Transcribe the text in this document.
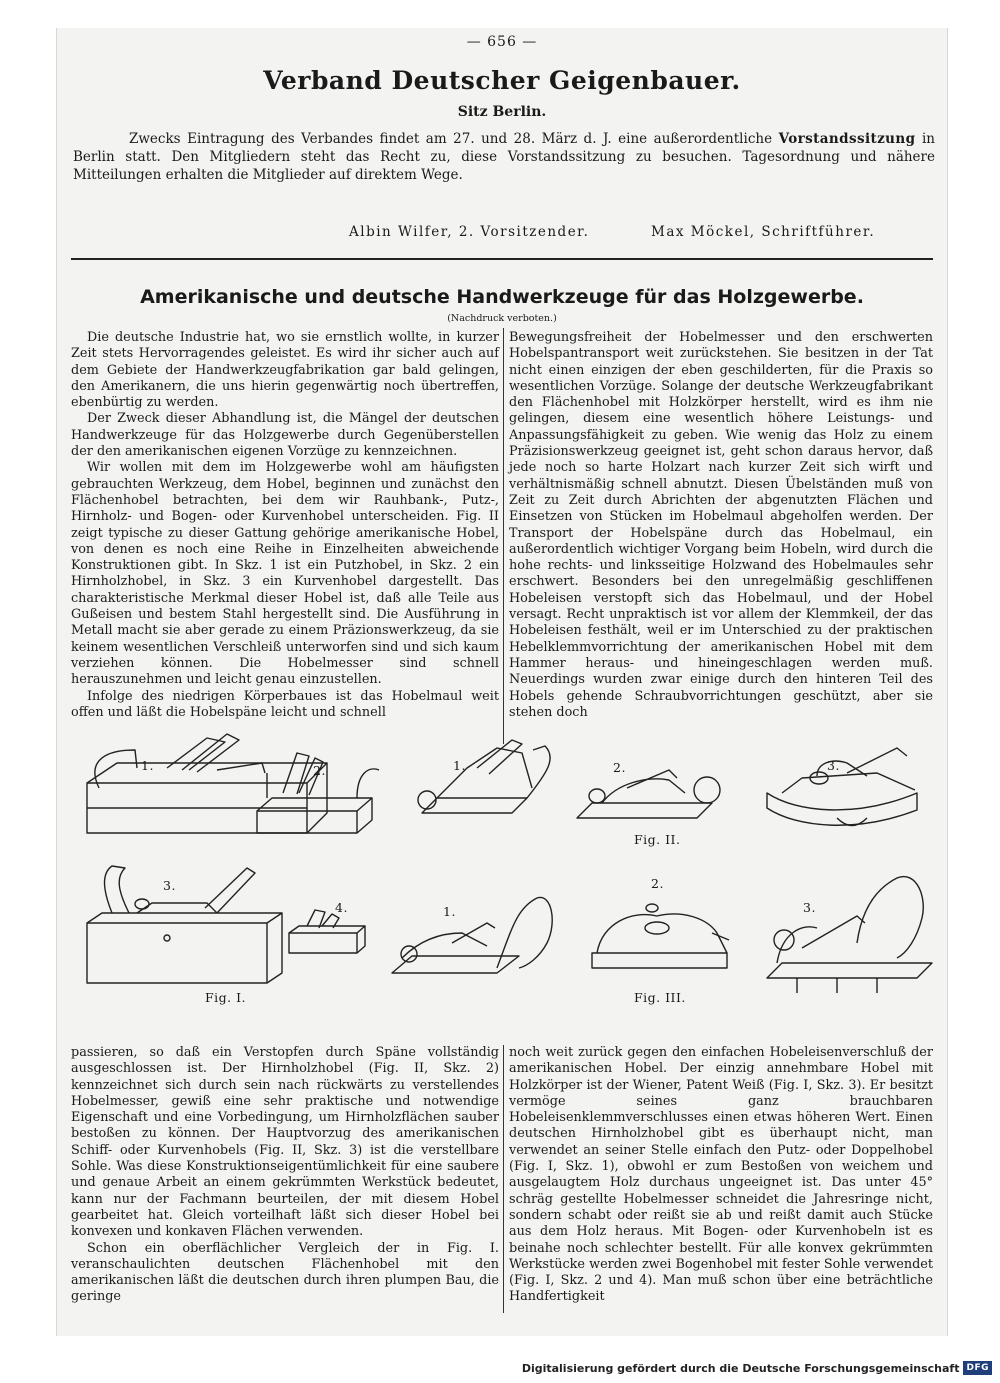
— 656 —
Verband Deutscher Geigenbauer.
Sitz Berlin.
Zwecks Eintragung des Verbandes findet am 27. und 28. März d. J. eine außerordentliche Vorstandssitzung in Berlin statt. Den Mitgliedern steht das Recht zu, diese Vorstandssitzung zu besuchen. Tagesordnung und nähere Mitteilungen erhalten die Mitglieder auf direktem Wege.
Albin Wilfer, 2. Vorsitzender.	Max Möckel, Schriftführer.
Amerikanische und deutsche Handwerkzeuge für das Holzgewerbe.
(Nachdruck verboten.)

Die deutsche Industrie hat, wo sie ernstlich wollte, in kurzer Zeit stets Hervorragendes geleistet. Es wird ihr sicher auch auf dem Gebiete der Handwerkzeugfabrikation gar bald gelingen, den Amerikanern, die uns hierin gegenwärtig noch übertreffen, ebenbürtig zu werden.

Der Zweck dieser Abhandlung ist, die Mängel der deutschen Handwerkzeuge für das Holzgewerbe durch Gegenüberstellen der den amerikanischen eigenen Vorzüge zu kennzeichnen.

Wir wollen mit dem im Holzgewerbe wohl am häufigsten gebrauchten Werkzeug, dem Hobel, beginnen und zunächst den Flächenhobel betrachten, bei dem wir Rauhbank-, Putz-, Hirnholz- und Bogen- oder Kurvenhobel unterscheiden. Fig. II zeigt typische zu dieser Gattung gehörige amerikanische Hobel, von denen es noch eine Reihe in Einzelheiten abweichende Konstruktionen gibt. In Skz. 1 ist ein Putzhobel, in Skz. 2 ein Hirnholzhobel, in Skz. 3 ein Kurvenhobel dargestellt. Das charakteristische Merkmal dieser Hobel ist, daß alle Teile aus Gußeisen und bestem Stahl hergestellt sind. Die Ausführung in Metall macht sie aber gerade zu einem Präzionswerkzeug, da sie keinem wesentlichen Verschleiß unterworfen sind und sich kaum verziehen können. Die Hobelmesser sind schnell herauszunehmen und leicht genau einzustellen.

Infolge des niedrigen Körperbaues ist das Hobelmaul weit offen und läßt die Hobelspäne leicht und schnell

Bewegungsfreiheit der Hobelmesser und den erschwerten Hobelspantransport weit zurückstehen. Sie besitzen in der Tat nicht einen einzigen der eben geschilderten, für die Praxis so wesentlichen Vorzüge. Solange der deutsche Werkzeugfabrikant den Flächenhobel mit Holzkörper herstellt, wird es ihm nie gelingen, diesem eine wesentlich höhere Leistungs- und Anpassungsfähigkeit zu geben. Wie wenig das Holz zu einem Präzisionswerkzeug geeignet ist, geht schon daraus hervor, daß jede noch so harte Holzart nach kurzer Zeit sich wirft und verhältnismäßig schnell abnutzt. Diesen Übelständen muß von Zeit zu Zeit durch Abrichten der abgenutzten Flächen und Einsetzen von Stücken im Hobelmaul abgeholfen werden. Der Transport der Hobelspäne durch das Hobelmaul, ein außerordentlich wichtiger Vorgang beim Hobeln, wird durch die hohe rechts- und linksseitige Holzwand des Hobelmaules sehr erschwert. Besonders bei den unregelmäßig geschliffenen Hobeleisen verstopft sich das Hobelmaul, und der Hobel versagt. Recht unpraktisch ist vor allem der Klemmkeil, der das Hobeleisen festhält, weil er im Unterschied zu der praktischen Hebelklemmvorrichtung der amerikanischen Hobel mit dem Hammer heraus- und hineingeschlagen werden muß. Neuerdings wurden zwar einige durch den hinteren Teil des Hobels gehende Schraubvorrichtungen geschützt, aber sie stehen doch

1.	2.	1.	2.	3.
3.
4.	1.
2.
3.
Fig. II.
Fig. I.	Fig. III.

passieren, so daß ein Verstopfen durch Späne vollständig ausgeschlossen ist. Der Hirnholzhobel (Fig. II, Skz. 2) kennzeichnet sich durch sein nach rückwärts zu verstellendes Hobelmesser, gewiß eine sehr praktische und notwendige Eigenschaft und eine Vorbedingung, um Hirnholzflächen sauber bestoßen zu können. Der Hauptvorzug des amerikanischen Schiff- oder Kurvenhobels (Fig. II, Skz. 3) ist die verstellbare Sohle. Was diese Konstruktionseigentümlichkeit für eine saubere und genaue Arbeit an einem gekrümmten Werkstück bedeutet, kann nur der Fachmann beurteilen, der mit diesem Hobel gearbeitet hat. Gleich vorteilhaft läßt sich dieser Hobel bei konvexen und konkaven Flächen verwenden.

Schon ein oberflächlicher Vergleich der in Fig. I. veranschaulichten deutschen Flächenhobel mit den amerikanischen läßt die deutschen durch ihren plumpen Bau, die geringe

noch weit zurück gegen den einfachen Hobeleisenverschluß der amerikanischen Hobel. Der einzig annehmbare Hobel mit Holzkörper ist der Wiener, Patent Weiß (Fig. I, Skz. 3). Er besitzt vermöge seines ganz brauchbaren Hobeleisenklemmverschlusses einen etwas höheren Wert. Einen deutschen Hirnholzhobel gibt es überhaupt nicht, man verwendet an seiner Stelle einfach den Putz- oder Doppelhobel (Fig. I, Skz. 1), obwohl er zum Bestoßen von weichem und ausgelaugtem Holz durchaus ungeeignet ist. Das unter 45° schräg gestellte Hobelmesser schneidet die Jahresringe nicht, sondern schabt oder reißt sie ab und reißt damit auch Stücke aus dem Holz heraus. Mit Bogen- oder Kurvenhobeln ist es beinahe noch schlechter bestellt. Für alle konvex gekrümmten Werkstücke werden zwei Bogenhobel mit fester Sohle verwendet (Fig. I, Skz. 2 und 4). Man muß schon über eine beträchtliche Handfertigkeit

Digitalisierung gefördert durch die Deutsche Forschungsgemeinschaft DFG
